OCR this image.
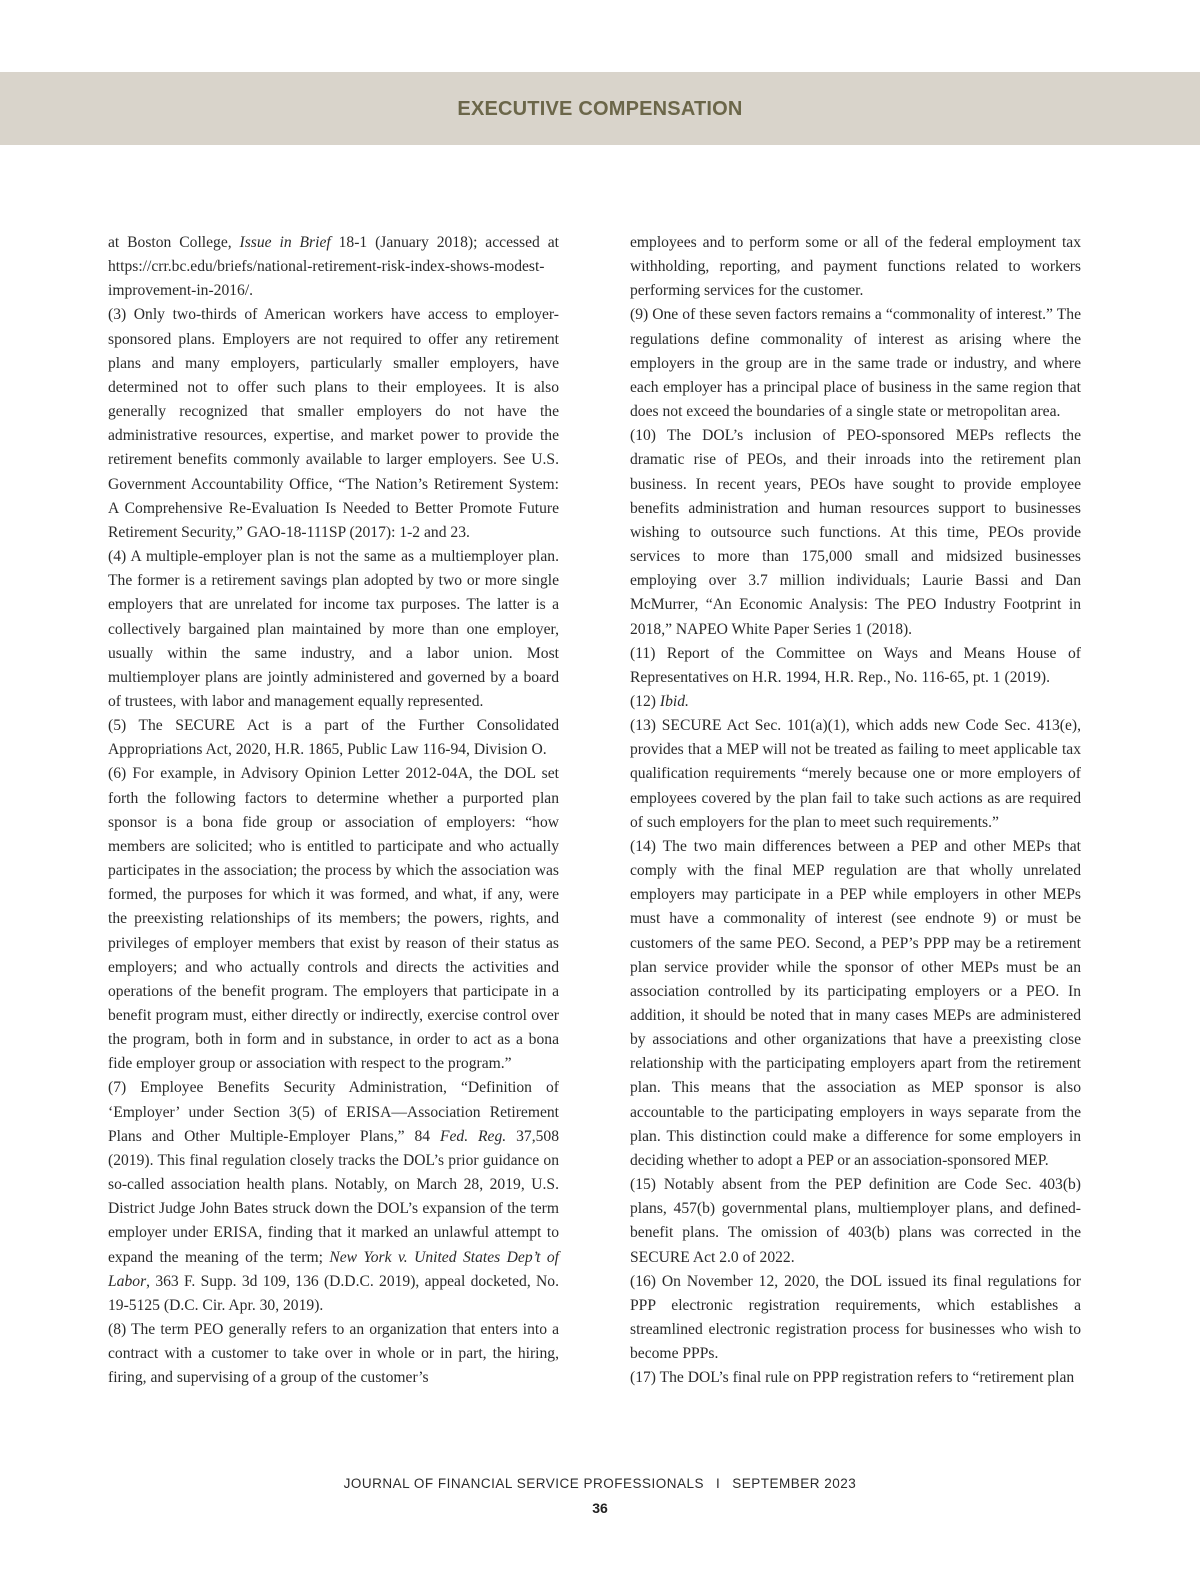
EXECUTIVE COMPENSATION

at Boston College, Issue in Brief 18-1 (January 2018); accessed at https://crr.bc.edu/briefs/national-retirement-risk-index-shows-modest-improvement-in-2016/.

(3) Only two-thirds of American workers have access to employer-sponsored plans. Employers are not required to offer any retirement plans and many employers, particularly smaller employers, have determined not to offer such plans to their employees. It is also generally recognized that smaller employers do not have the administrative resources, expertise, and market power to provide the retirement benefits commonly available to larger employers. See U.S. Government Accountability Office, “The Nation’s Retirement System: A Comprehensive Re-Evaluation Is Needed to Better Promote Future Retirement Security,” GAO-18-111SP (2017): 1-2 and 23.

(4) A multiple-employer plan is not the same as a multiemployer plan. The former is a retirement savings plan adopted by two or more single employers that are unrelated for income tax purposes. The latter is a collectively bargained plan maintained by more than one employer, usually within the same industry, and a labor union. Most multiemployer plans are jointly administered and governed by a board of trustees, with labor and management equally represented.

(5) The SECURE Act is a part of the Further Consolidated Appropriations Act, 2020, H.R. 1865, Public Law 116-94, Division O.

(6) For example, in Advisory Opinion Letter 2012-04A, the DOL set forth the following factors to determine whether a purported plan sponsor is a bona fide group or association of employers: “how members are solicited; who is entitled to participate and who actually participates in the association; the process by which the association was formed, the purposes for which it was formed, and what, if any, were the preexisting relationships of its members; the powers, rights, and privileges of employer members that exist by reason of their status as employers; and who actually controls and directs the activities and operations of the benefit program. The employers that participate in a benefit program must, either directly or indirectly, exercise control over the program, both in form and in substance, in order to act as a bona fide employer group or association with respect to the program.”

(7) Employee Benefits Security Administration, “Definition of ‘Employer’ under Section 3(5) of ERISA—Association Retirement Plans and Other Multiple-Employer Plans,” 84 Fed. Reg. 37,508 (2019). This final regulation closely tracks the DOL’s prior guidance on so-called association health plans. Notably, on March 28, 2019, U.S. District Judge John Bates struck down the DOL’s expansion of the term employer under ERISA, finding that it marked an unlawful attempt to expand the meaning of the term; New York v. United States Dep’t of Labor, 363 F. Supp. 3d 109, 136 (D.D.C. 2019), appeal docketed, No. 19-5125 (D.C. Cir. Apr. 30, 2019).

(8) The term PEO generally refers to an organization that enters into a contract with a customer to take over in whole or in part, the hiring, firing, and supervising of a group of the customer’s

employees and to perform some or all of the federal employment tax withholding, reporting, and payment functions related to workers performing services for the customer.

(9) One of these seven factors remains a “commonality of interest.” The regulations define commonality of interest as arising where the employers in the group are in the same trade or industry, and where each employer has a principal place of business in the same region that does not exceed the boundaries of a single state or metropolitan area.

(10) The DOL’s inclusion of PEO-sponsored MEPs reflects the dramatic rise of PEOs, and their inroads into the retirement plan business. In recent years, PEOs have sought to provide employee benefits administration and human resources support to businesses wishing to outsource such functions. At this time, PEOs provide services to more than 175,000 small and midsized businesses employing over 3.7 million individuals; Laurie Bassi and Dan McMurrer, “An Economic Analysis: The PEO Industry Footprint in 2018,” NAPEO White Paper Series 1 (2018).

(11) Report of the Committee on Ways and Means House of Representatives on H.R. 1994, H.R. Rep., No. 116-65, pt. 1 (2019).

(12) Ibid.

(13) SECURE Act Sec. 101(a)(1), which adds new Code Sec. 413(e), provides that a MEP will not be treated as failing to meet applicable tax qualification requirements “merely because one or more employers of employees covered by the plan fail to take such actions as are required of such employers for the plan to meet such requirements.”

(14) The two main differences between a PEP and other MEPs that comply with the final MEP regulation are that wholly unrelated employers may participate in a PEP while employers in other MEPs must have a commonality of interest (see endnote 9) or must be customers of the same PEO. Second, a PEP’s PPP may be a retirement plan service provider while the sponsor of other MEPs must be an association controlled by its participating employers or a PEO. In addition, it should be noted that in many cases MEPs are administered by associations and other organizations that have a preexisting close relationship with the participating employers apart from the retirement plan. This means that the association as MEP sponsor is also accountable to the participating employers in ways separate from the plan. This distinction could make a difference for some employers in deciding whether to adopt a PEP or an association-sponsored MEP.

(15) Notably absent from the PEP definition are Code Sec. 403(b) plans, 457(b) governmental plans, multiemployer plans, and defined-benefit plans. The omission of 403(b) plans was corrected in the SECURE Act 2.0 of 2022.

(16) On November 12, 2020, the DOL issued its final regulations for PPP electronic registration requirements, which establishes a streamlined electronic registration process for businesses who wish to become PPPs.

(17) The DOL’s final rule on PPP registration refers to “retirement plan

JOURNAL OF FINANCIAL SERVICE PROFESSIONALS I SEPTEMBER 2023
36
